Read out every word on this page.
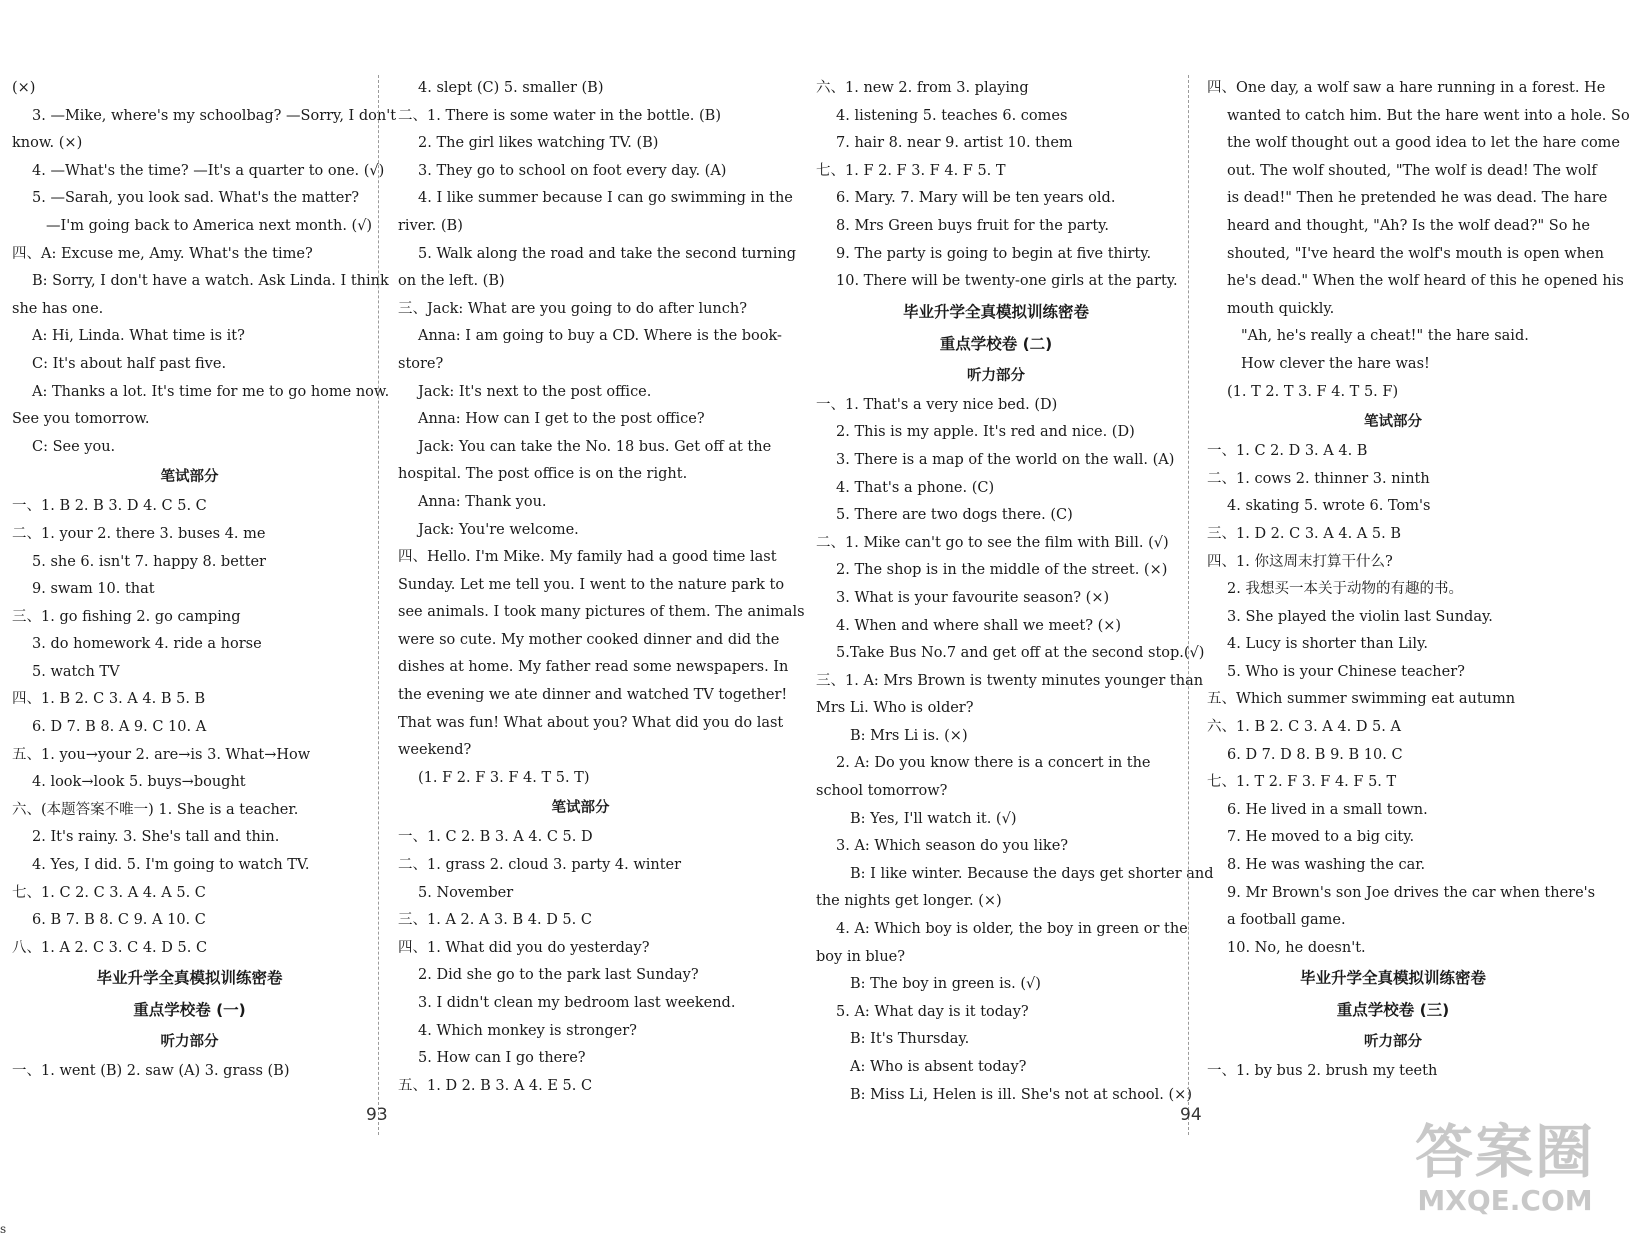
(×)
3. —Mike, where's my schoolbag? —Sorry, I don't
know. (×)
4. —What's the time? —It's a quarter to one. (√)
5. —Sarah, you look sad. What's the matter?
—I'm going back to America next month. (√)
四、A: Excuse me, Amy. What's the time?
B: Sorry, I don't have a watch. Ask Linda. I think
she has one.
A: Hi, Linda. What time is it?
C: It's about half past five.
A: Thanks a lot. It's time for me to go home now.
See you tomorrow.
C: See you.
笔试部分
一、1. B 2. B 3. D 4. C 5. C
二、1. your 2. there 3. buses 4. me
5. she 6. isn't 7. happy 8. better
9. swam 10. that
三、1. go fishing 2. go camping
3. do homework 4. ride a horse
5. watch TV
四、1. B 2. C 3. A 4. B 5. B
6. D 7. B 8. A 9. C 10. A
五、1. you→your 2. are→is 3. What→How
4. look→look 5. buys→bought
六、(本题答案不唯一) 1. She is a teacher.
2. It's rainy. 3. She's tall and thin.
4. Yes, I did. 5. I'm going to watch TV.
七、1. C 2. C 3. A 4. A 5. C
6. B 7. B 8. C 9. A 10. C
八、1. A 2. C 3. C 4. D 5. C
毕业升学全真模拟训练密卷
重点学校卷 (一)
听力部分
一、1. went (B) 2. saw (A) 3. grass (B)
4. slept (C) 5. smaller (B)
二、1. There is some water in the bottle. (B)
2. The girl likes watching TV. (B)
3. They go to school on foot every day. (A)
4. I like summer because I can go swimming in the
river. (B)
5. Walk along the road and take the second turning
on the left. (B)
三、Jack: What are you going to do after lunch?
Anna: I am going to buy a CD. Where is the book-
store?
Jack: It's next to the post office.
Anna: How can I get to the post office?
Jack: You can take the No. 18 bus. Get off at the
hospital. The post office is on the right.
Anna: Thank you.
Jack: You're welcome.
四、Hello. I'm Mike. My family had a good time last
Sunday. Let me tell you. I went to the nature park to
see animals. I took many pictures of them. The animals
were so cute. My mother cooked dinner and did the
dishes at home. My father read some newspapers. In
the evening we ate dinner and watched TV together!
That was fun! What about you? What did you do last
weekend?
(1. F 2. F 3. F 4. T 5. T)
笔试部分
一、1. C 2. B 3. A 4. C 5. D
二、1. grass 2. cloud 3. party 4. winter
5. November
三、1. A 2. A 3. B 4. D 5. C
四、1. What did you do yesterday?
2. Did she go to the park last Sunday?
3. I didn't clean my bedroom last weekend.
4. Which monkey is stronger?
5. How can I go there?
五、1. D 2. B 3. A 4. E 5. C
六、1. new 2. from 3. playing
4. listening 5. teaches 6. comes
7. hair 8. near 9. artist 10. them
七、1. F 2. F 3. F 4. F 5. T
6. Mary. 7. Mary will be ten years old.
8. Mrs Green buys fruit for the party.
9. The party is going to begin at five thirty.
10. There will be twenty-one girls at the party.
毕业升学全真模拟训练密卷
重点学校卷 (二)
听力部分
一、1. That's a very nice bed. (D)
2. This is my apple. It's red and nice. (D)
3. There is a map of the world on the wall. (A)
4. That's a phone. (C)
5. There are two dogs there. (C)
二、1. Mike can't go to see the film with Bill. (√)
2. The shop is in the middle of the street. (×)
3. What is your favourite season? (×)
4. When and where shall we meet? (×)
5.Take Bus No.7 and get off at the second stop.(√)
三、1. A: Mrs Brown is twenty minutes younger than
Mrs Li. Who is older?
B: Mrs Li is. (×)
2. A: Do you know there is a concert in the
school tomorrow?
B: Yes, I'll watch it. (√)
3. A: Which season do you like?
B: I like winter. Because the days get shorter and
the nights get longer. (×)
4. A: Which boy is older, the boy in green or the
boy in blue?
B: The boy in green is. (√)
5. A: What day is it today?
B: It's Thursday.
A: Who is absent today?
B: Miss Li, Helen is ill. She's not at school. (×)
四、One day, a wolf saw a hare running in a forest. He
wanted to catch him. But the hare went into a hole. So
the wolf thought out a good idea to let the hare come
out. The wolf shouted, "The wolf is dead! The wolf
is dead!" Then he pretended he was dead. The hare
heard and thought, "Ah? Is the wolf dead?" So he
shouted, "I've heard the wolf's mouth is open when
he's dead." When the wolf heard of this he opened his
mouth quickly.
"Ah, he's really a cheat!" the hare said.
How clever the hare was!
(1. T 2. T 3. F 4. T 5. F)
笔试部分
一、1. C 2. D 3. A 4. B
二、1. cows 2. thinner 3. ninth
4. skating 5. wrote 6. Tom's
三、1. D 2. C 3. A 4. A 5. B
四、1. 你这周末打算干什么?
2. 我想买一本关于动物的有趣的书。
3. She played the violin last Sunday.
4. Lucy is shorter than Lily.
5. Who is your Chinese teacher?
五、Which summer swimming eat autumn
六、1. B 2. C 3. A 4. D 5. A
6. D 7. D 8. B 9. B 10. C
七、1. T 2. F 3. F 4. F 5. T
6. He lived in a small town.
7. He moved to a big city.
8. He was washing the car.
9. Mr Brown's son Joe drives the car when there's
a football game.
10. No, he doesn't.
毕业升学全真模拟训练密卷
重点学校卷 (三)
听力部分
一、1. by bus 2. brush my teeth
93	94
答案圈
MXQE.COM
s
